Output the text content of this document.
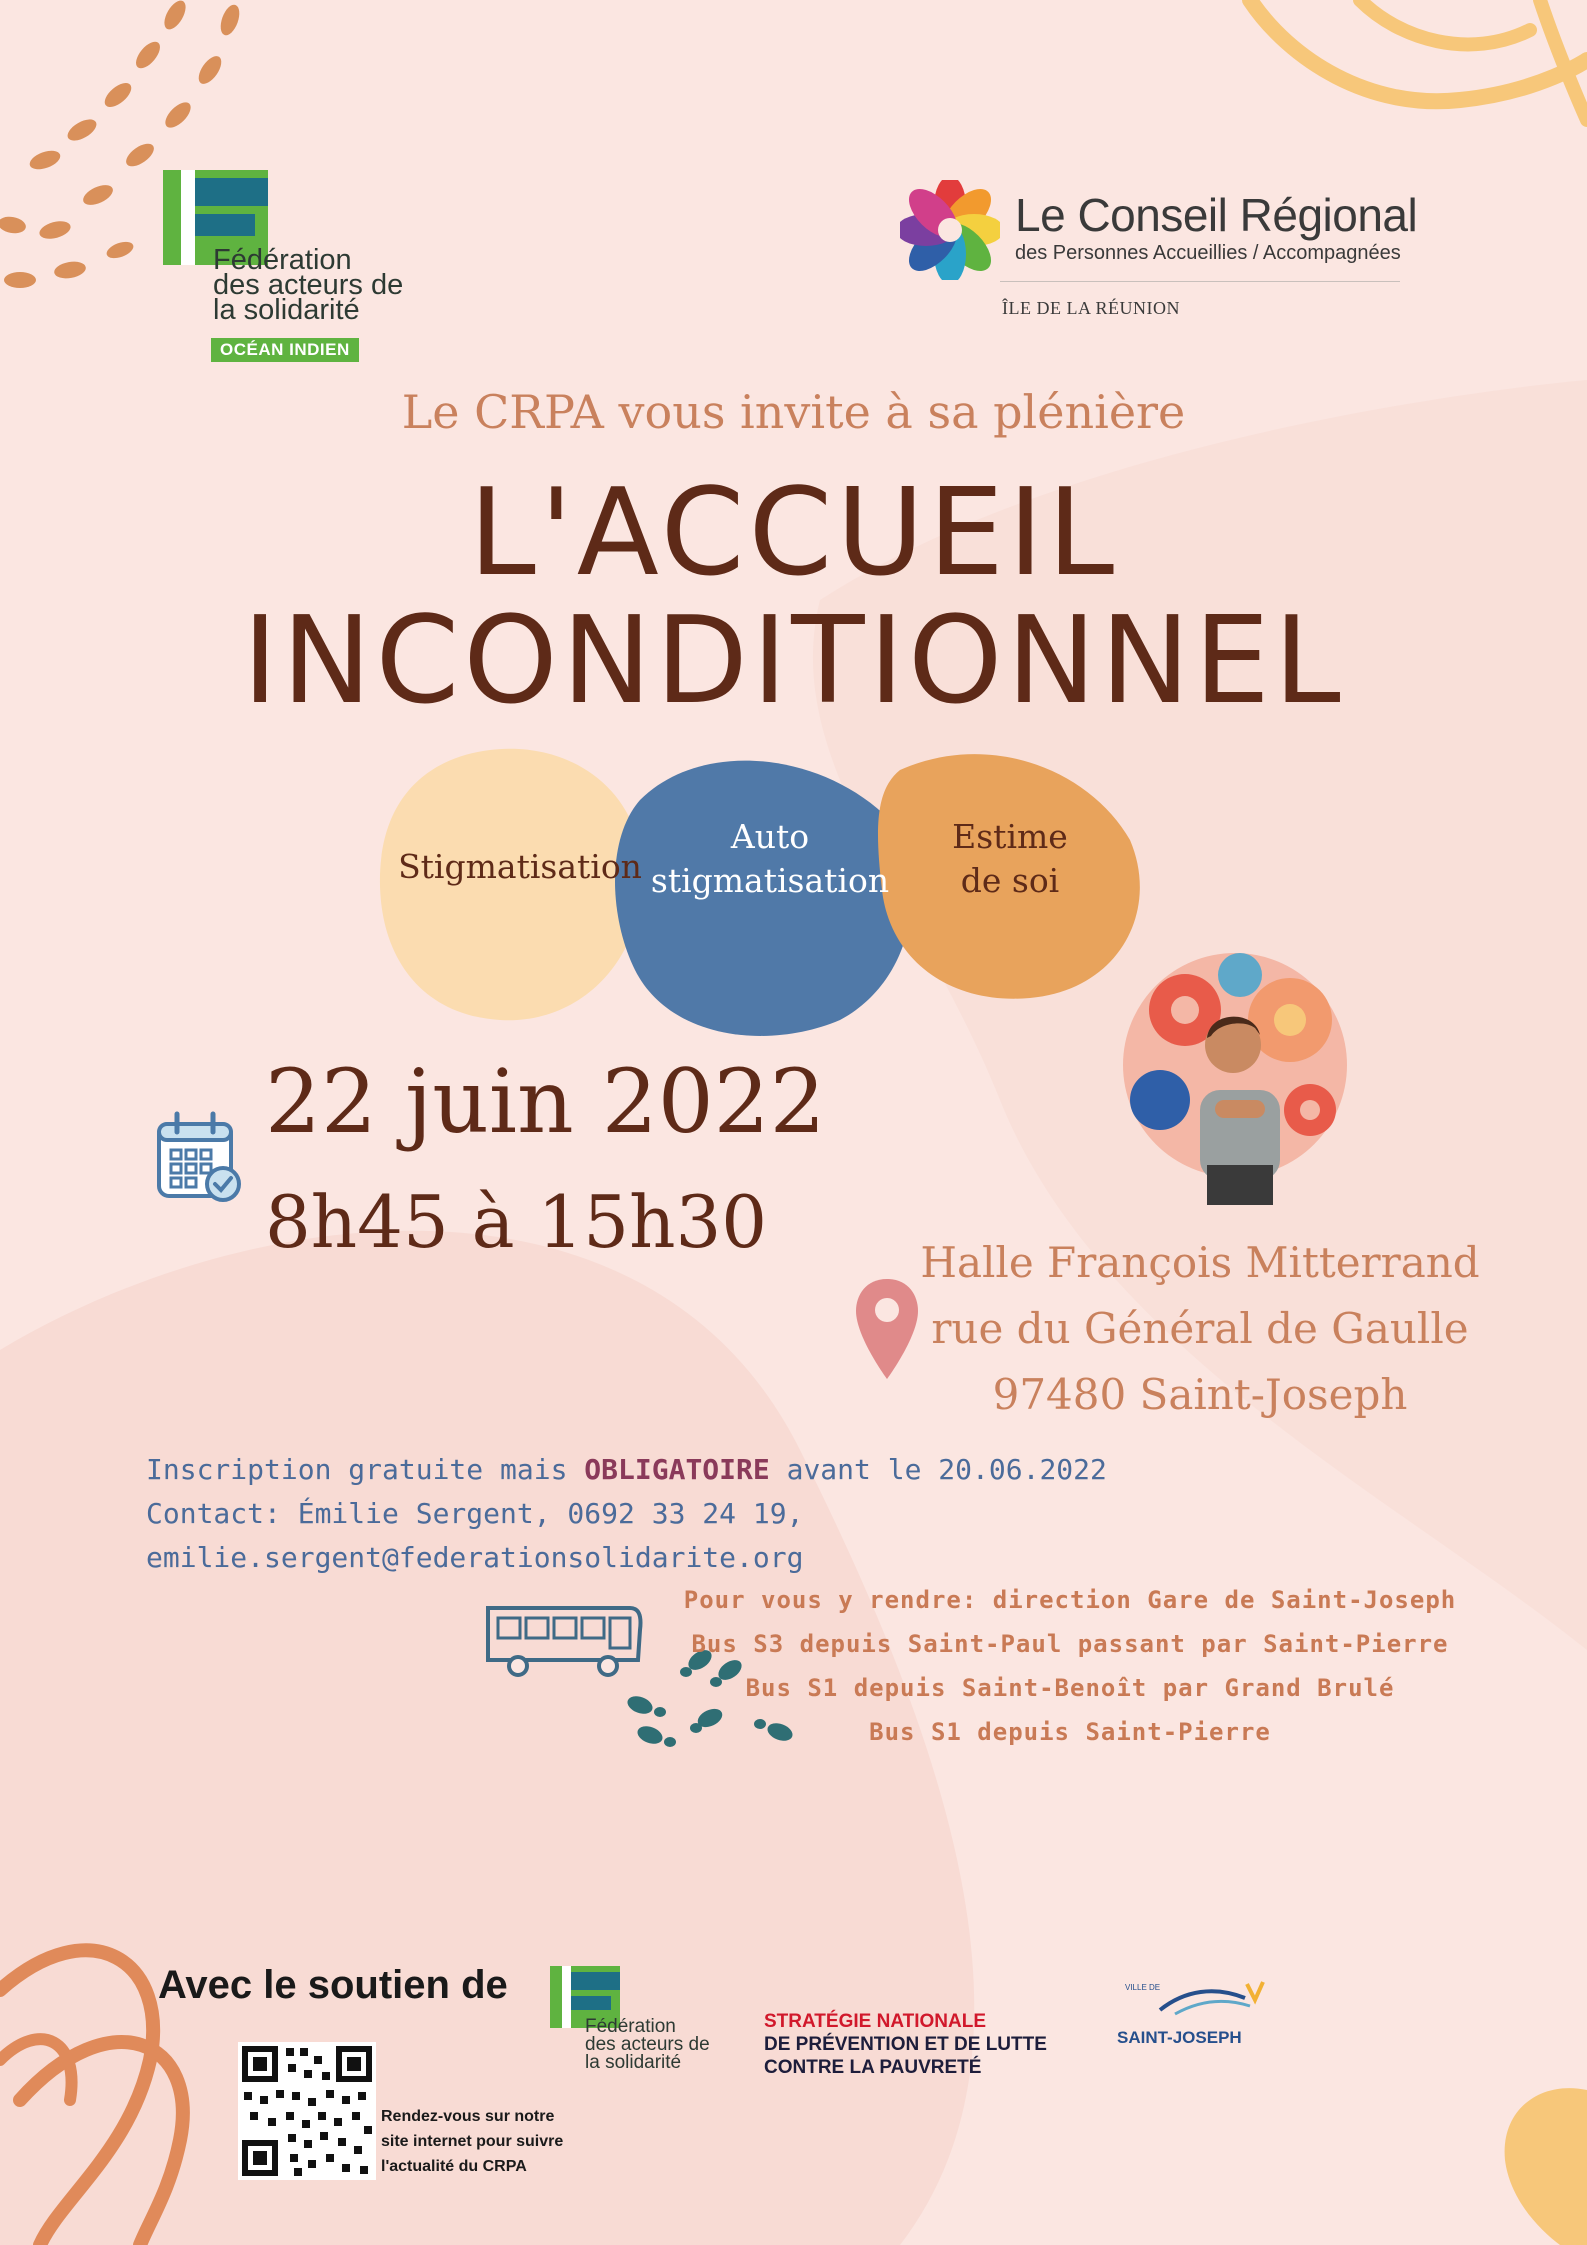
Fédération
des acteurs de
la solidarité
OCÉAN INDIEN
Le Conseil Régional
des Personnes Accueillies / Accompagnées
ÎLE DE LA RÉUNION
Le CRPA vous invite à sa plénière
L'ACCUEIL
INCONDITIONNEL
Stigmatisation
Auto
stigmatisation
Estime
de soi
22 juin 2022
8h45 à 15h30	Halle François Mitterrand
rue du Général de Gaulle
97480 Saint-Joseph
Inscription gratuite mais OBLIGATOIRE avant le 20.06.2022
Contact: Émilie Sergent, 0692 33 24 19,
emilie.sergent@federationsolidarite.org
Pour vous y rendre: direction Gare de Saint-Joseph
Bus S3 depuis Saint-Paul passant par Saint-Pierre
Bus S1 depuis Saint-Benoît par Grand Brulé
Bus S1 depuis Saint-Pierre
Avec le soutien de
Fédération
des acteurs de
la solidarité
STRATÉGIE NATIONALE
DE PRÉVENTION ET DE LUTTE
CONTRE LA PAUVRETÉ
VILLE DE
SAINT-JOSEPH
Rendez-vous sur notre
site internet pour suivre
l'actualité du CRPA
